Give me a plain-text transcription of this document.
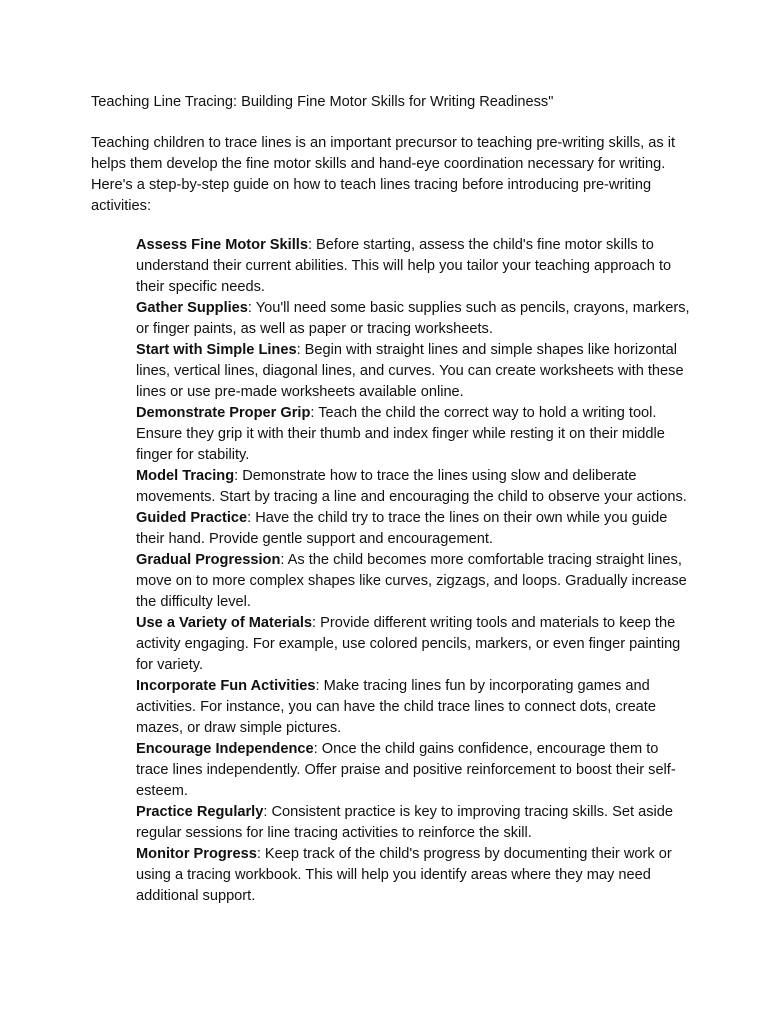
Teaching Line Tracing: Building Fine Motor Skills for Writing Readiness"

Teaching children to trace lines is an important precursor to teaching pre-writing skills, as it helps them develop the fine motor skills and hand-eye coordination necessary for writing. Here's a step-by-step guide on how to teach lines tracing before introducing pre-writing activities:

Assess Fine Motor Skills: Before starting, assess the child's fine motor skills to understand their current abilities. This will help you tailor your teaching approach to their specific needs.
Gather Supplies: You'll need some basic supplies such as pencils, crayons, markers, or finger paints, as well as paper or tracing worksheets.
Start with Simple Lines: Begin with straight lines and simple shapes like horizontal lines, vertical lines, diagonal lines, and curves. You can create worksheets with these lines or use pre-made worksheets available online.
Demonstrate Proper Grip: Teach the child the correct way to hold a writing tool. Ensure they grip it with their thumb and index finger while resting it on their middle finger for stability.
Model Tracing: Demonstrate how to trace the lines using slow and deliberate movements. Start by tracing a line and encouraging the child to observe your actions.
Guided Practice: Have the child try to trace the lines on their own while you guide their hand. Provide gentle support and encouragement.
Gradual Progression: As the child becomes more comfortable tracing straight lines, move on to more complex shapes like curves, zigzags, and loops. Gradually increase the difficulty level.
Use a Variety of Materials: Provide different writing tools and materials to keep the activity engaging. For example, use colored pencils, markers, or even finger painting for variety.
Incorporate Fun Activities: Make tracing lines fun by incorporating games and activities. For instance, you can have the child trace lines to connect dots, create mazes, or draw simple pictures.
Encourage Independence: Once the child gains confidence, encourage them to trace lines independently. Offer praise and positive reinforcement to boost their self-esteem.
Practice Regularly: Consistent practice is key to improving tracing skills. Set aside regular sessions for line tracing activities to reinforce the skill.
Monitor Progress: Keep track of the child's progress by documenting their work or using a tracing workbook. This will help you identify areas where they may need additional support.
